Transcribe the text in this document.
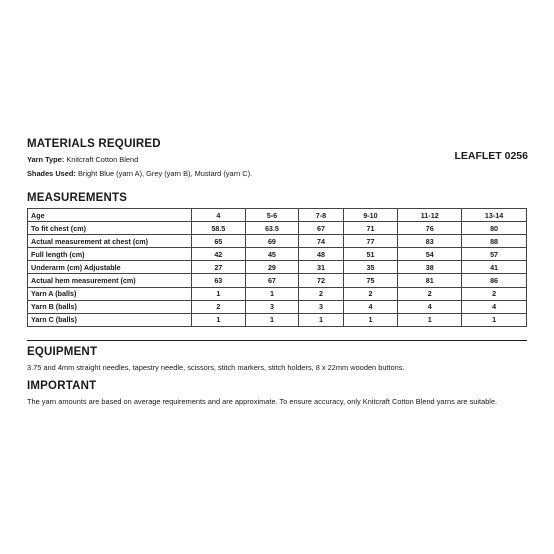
MATERIALS REQUIRED
Yarn Type: Knitcraft Cotton Blend	LEAFLET 0256
Shades Used: Bright Blue (yarn A), Grey (yarn B), Mustard (yarn C).
MEASUREMENTS
Age	4	5-6	7-8	9-10	11-12	13-14
To fit chest (cm)	58.5	63.5	67	71	76	80
Actual measurement at chest (cm)	65	69	74	77	83	88
Full length (cm)	42	45	48	51	54	57
Underarm (cm) Adjustable	27	29	31	35	38	41
Actual hem measurement (cm)	63	67	72	75	81	86
Yarn A (balls)	1	1	2	2	2	2
Yarn B (balls)	2	3	3	4	4	4
Yarn C (balls)	1	1	1	1	1	1
EQUIPMENT
3.75 and 4mm straight needles, tapestry needle, scissors, stitch markers, stitch holders, 8 x 22mm wooden buttons.
IMPORTANT
The yarn amounts are based on average requirements and are approximate. To ensure accuracy, only Knitcraft Cotton Blend yarns are suitable.
